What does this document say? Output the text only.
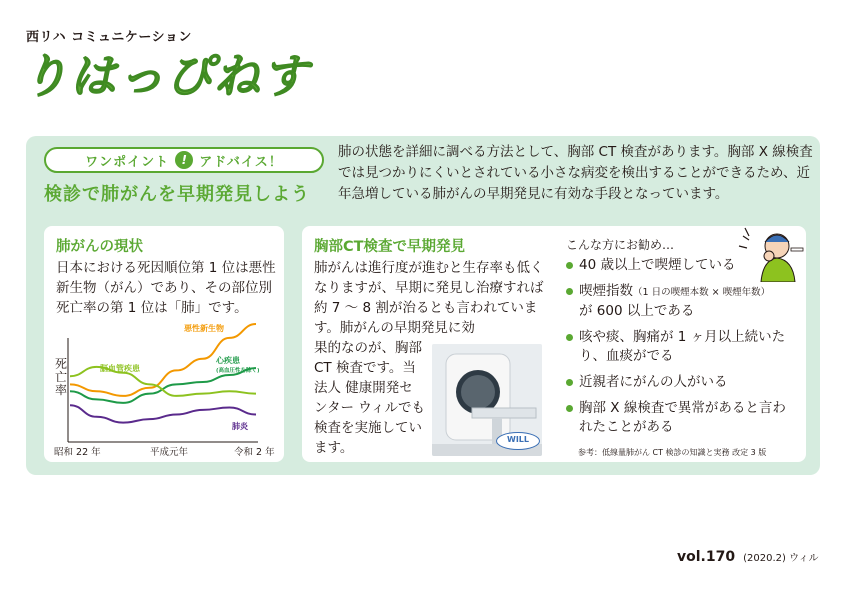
西リハ コミュニケーション
りはっぴねす
ワンポイント	! アドバイス！
検診で肺がんを早期発見しよう
肺の状態を詳細に調べる方法として、胸部 CT 検査があります。胸部 X 線検査では見つかりにくいとされている小さな病変を検出することができるため、近年急増している肺がんの早期発見に有効な手段となっています。
肺がんの現状
日本における死因順位第 1 位は悪性新生物（がん）であり、その部位別死亡率の第 1 位は「肺」です。
死亡率
昭和 22 年	平成元年	令和 2 年
悪性新生物
心疾患
(高血圧性を除く)
脳血管疾患
肺炎
胸部CT検査で早期発見
肺がんは進行度が進むと生存率も低くなりますが、早期に発見し治療すれば約 7 ～ 8 割が治るとも言われています。肺がんの早期発見に効
果的なのが、胸部 CT 検査です。当法人 健康開発センター ウィルでも検査を実施しています。
WILL
こんな方にお勧め…
40 歳以上で喫煙している
喫煙指数（1 日の喫煙本数 × 喫煙年数）
が 600 以上である
咳や痰、胸痛が 1 ヶ月以上続いたり、血痰がでる
近親者にがんの人がいる
胸部 X 線検査で異常があると言われたことがある
参考：低線量肺がん CT 検診の知識と実務 改定 3 版
vol.170 (2020.2) ウィル
